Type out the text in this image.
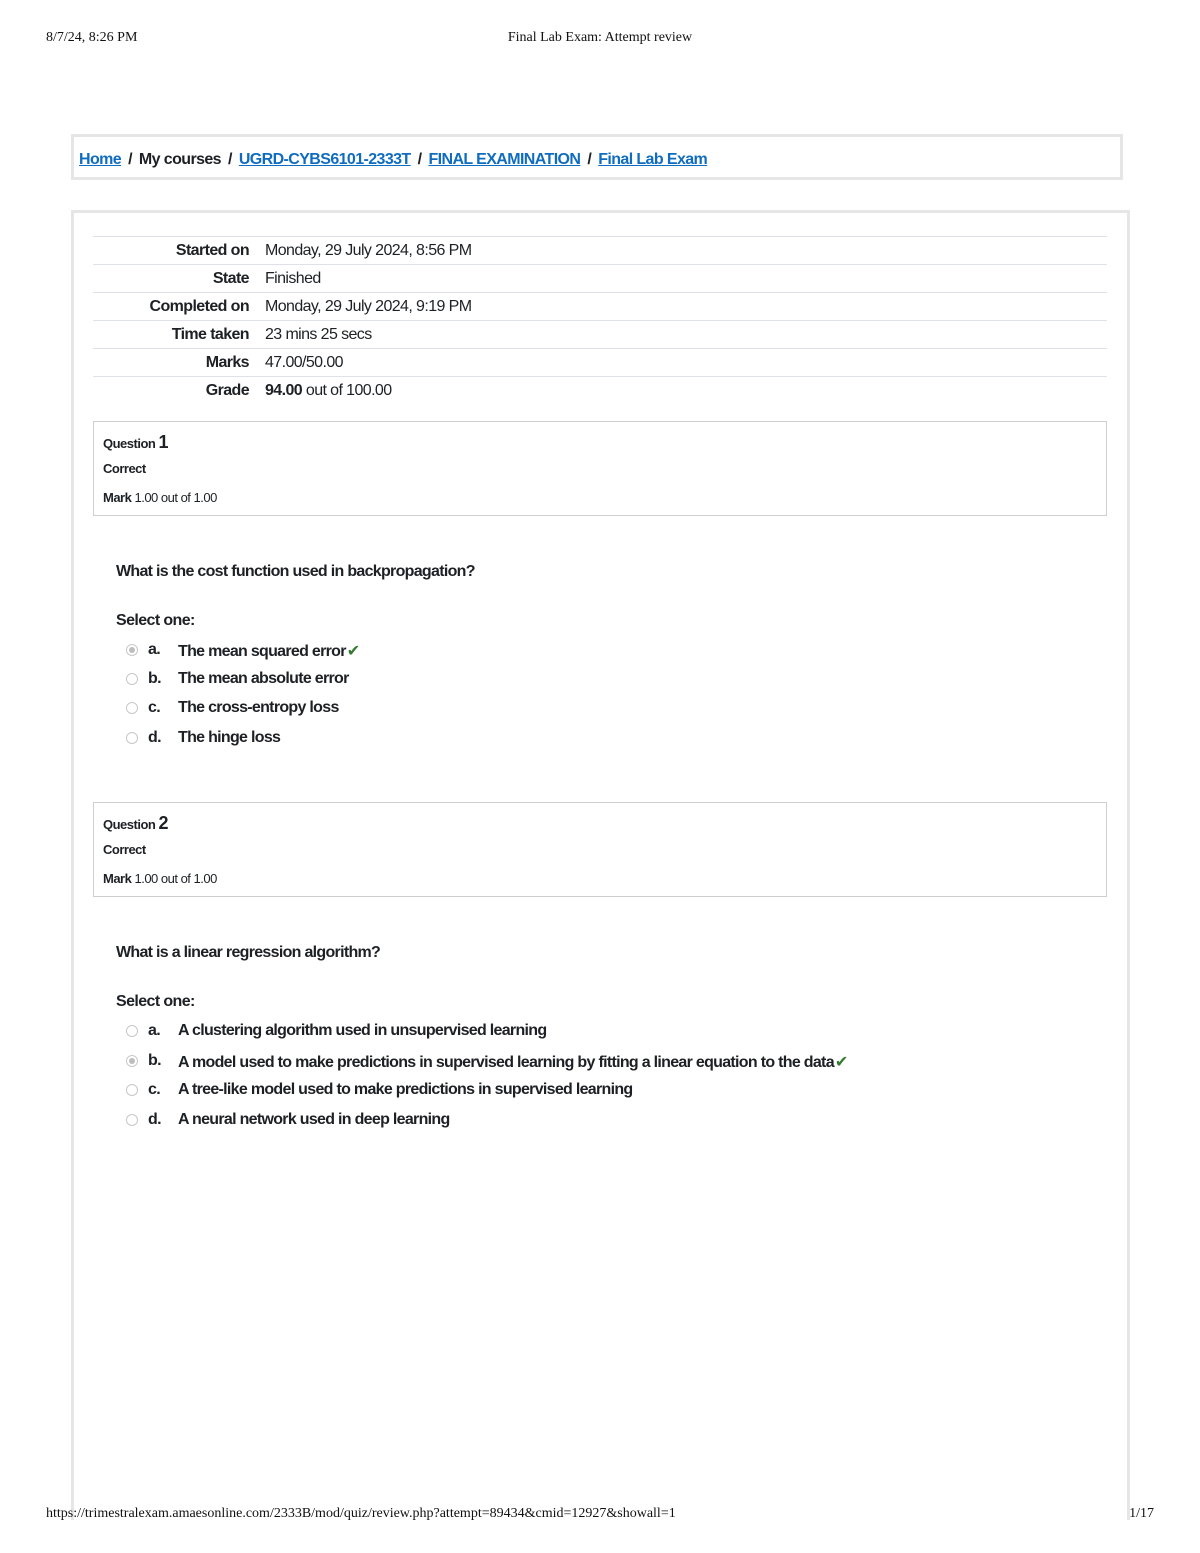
8/7/24, 8:26 PM	Final Lab Exam: Attempt review
Home / My courses / UGRD-CYBS6101-2333T / FINAL EXAMINATION / Final Lab Exam
Started on Monday, 29 July 2024, 8:56 PM
State Finished
Completed on Monday, 29 July 2024, 9:19 PM
Time taken 23 mins 25 secs
Marks 47.00/50.00
Grade 94.00 out of 100.00
Question 1
Correct
Mark 1.00 out of 1.00
What is the cost function used in backpropagation?
Select one:
a. The mean squared error✔
b. The mean absolute error
c. The cross-entropy loss
d. The hinge loss
Question 2
Correct
Mark 1.00 out of 1.00
What is a linear regression algorithm?
Select one:
a. A clustering algorithm used in unsupervised learning
b. A model used to make predictions in supervised learning by fitting a linear equation to the data✔
c. A tree-like model used to make predictions in supervised learning
d. A neural network used in deep learning
https://trimestralexam.amaesonline.com/2333B/mod/quiz/review.php?attempt=89434&cmid=12927&showall=1	1/17
